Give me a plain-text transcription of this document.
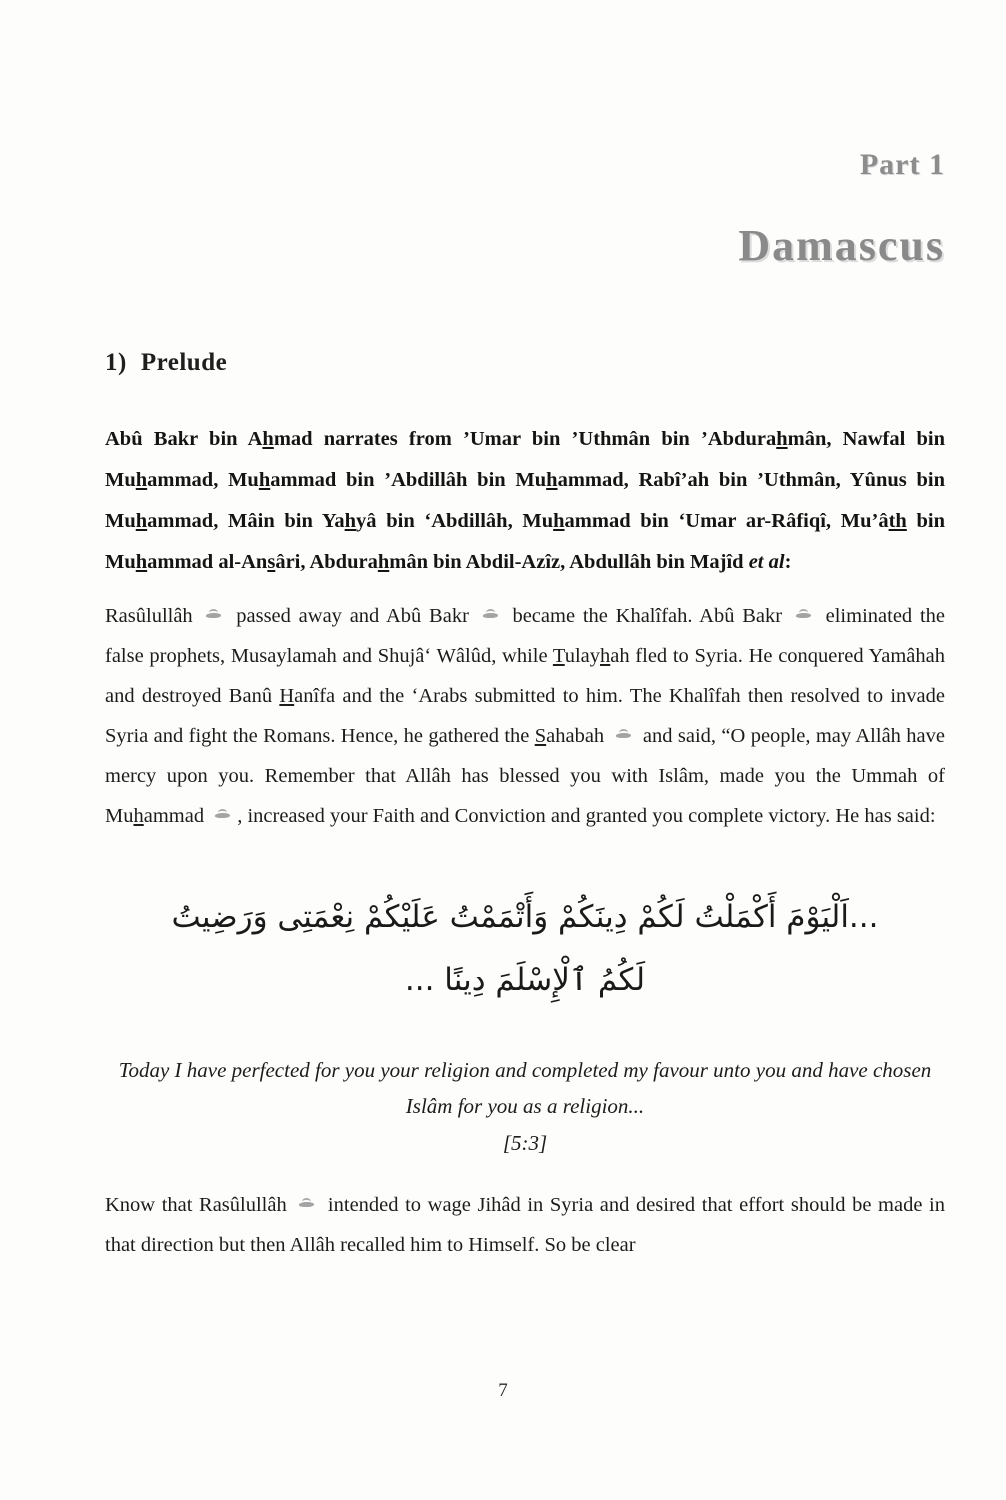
Part 1
Damascus
1) Prelude
Abû Bakr bin Ahmad narrates from ’Umar bin ’Uthmân bin ’Abdurahmân, Nawfal bin Muhammad, Muhammad bin ’Abdillâh bin Muhammad, Rabî’ah bin ’Uthmân, Yûnus bin Muhammad, Mâin bin Yahyâ bin ‘Abdillâh, Muhammad bin ‘Umar ar-Râfiqî, Mu’âth bin Muhammad al-Ansâri, Abdurahmân bin Abdil-Azîz, Abdullâh bin Majîd et al:
Rasûlullâh  passed away and Abû Bakr  became the Khalîfah. Abû Bakr  eliminated the false prophets, Musaylamah and Shujâ‘ Wâlûd, while Tulayhah fled to Syria. He conquered Yamâhah and destroyed Banû Hanîfa and the ‘Arabs submitted to him. The Khalîfah then resolved to invade Syria and fight the Romans. Hence, he gathered the Sahabah  and said, “O people, may Allâh have mercy upon you. Remember that Allâh has blessed you with Islâm, made you the Ummah of Muhammad , increased your Faith and Conviction and granted you complete victory. He has said:
...اَلْيَوْمَ أَكْمَلْتُ لَكُمْ دِينَكُمْ وَأَتْمَمْتُ عَلَيْكُمْ نِعْمَتِى وَرَضِيتُ
لَكُمُ ٱلْإِسْلَمَ دِينًا ...
Today I have perfected for you your religion and completed my favour unto you and have chosen Islâm for you as a religion...
[5:3]
Know that Rasûlullâh  intended to wage Jihâd in Syria and desired that effort should be made in that direction but then Allâh recalled him to Himself. So be clear
7
